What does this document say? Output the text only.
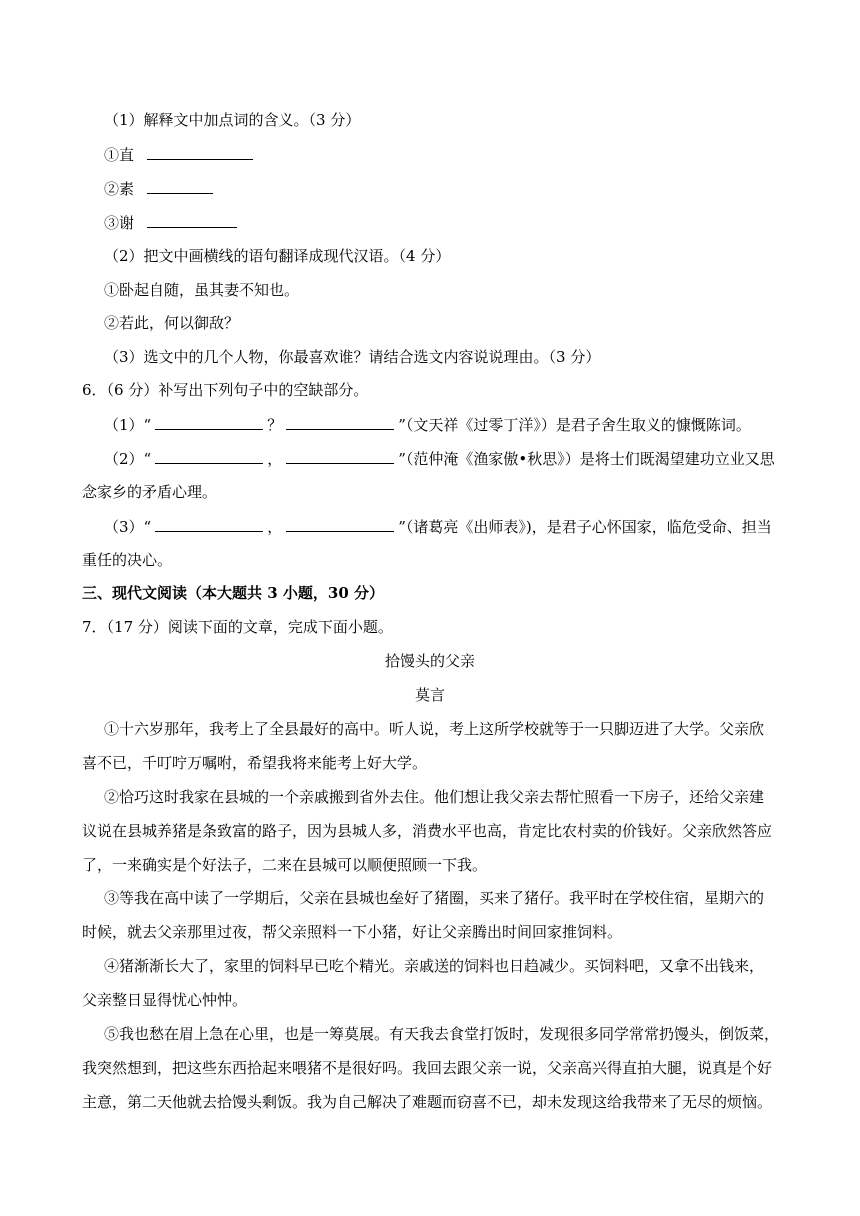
（1）解释文中加点词的含义。（3 分）
①直
②素
③谢
（2）把文中画横线的语句翻译成现代汉语。（4 分）
①卧起自随，虽其妻不知也。
②若此，何以御敌？
（3）选文中的几个人物，你最喜欢谁？请结合选文内容说说理由。（3 分）
6．（6 分）补写出下列句子中的空缺部分。
（1）“	？	”（文天祥《过零丁洋》）是君子舍生取义的慷慨陈词。
（2）“	，	”（范仲淹《渔家傲•秋思》）是将士们既渴望建功立业又思
念家乡的矛盾心理。
（3）“	，	”（诸葛亮《出师表》)，是君子心怀国家，临危受命、担当
重任的决心。
三、现代文阅读（本大题共 3 小题，30 分）
7．（17 分）阅读下面的文章，完成下面小题。
拾馒头的父亲
莫言
①十六岁那年，我考上了全县最好的高中。听人说，考上这所学校就等于一只脚迈进了大学。父亲欣
喜不已，千叮咛万嘱咐，希望我将来能考上好大学。
②恰巧这时我家在县城的一个亲戚搬到省外去住。他们想让我父亲去帮忙照看一下房子，还给父亲建
议说在县城养猪是条致富的路子，因为县城人多，消费水平也高，肯定比农村卖的价钱好。父亲欣然答应
了，一来确实是个好法子，二来在县城可以顺便照顾一下我。
③等我在高中读了一学期后，父亲在县城也垒好了猪圈，买来了猪仔。我平时在学校住宿，星期六的
时候，就去父亲那里过夜，帮父亲照料一下小猪，好让父亲腾出时间回家推饲料。
④猪渐渐长大了，家里的饲料早已吃个精光。亲戚送的饲料也日趋减少。买饲料吧，又拿不出钱来，
父亲整日显得忧心忡忡。
⑤我也愁在眉上急在心里，也是一筹莫展。有天我去食堂打饭时，发现很多同学常常扔馒头，倒饭菜，
我突然想到，把这些东西拾起来喂猪不是很好吗。我回去跟父亲一说，父亲高兴得直拍大腿，说真是个好
主意，第二天他就去拾馒头剩饭。我为自己解决了难题而窃喜不已，却未发现这给我带来了无尽的烦恼。
